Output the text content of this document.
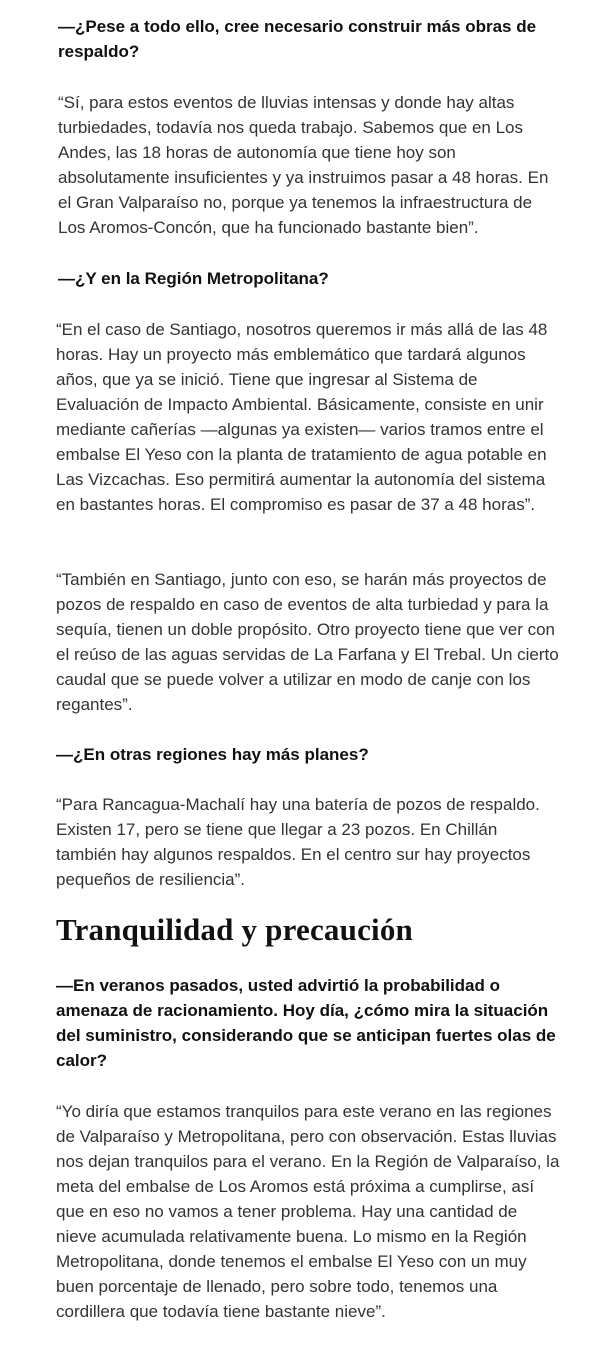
—¿Pese a todo ello, cree necesario construir más obras de respaldo?

“Sí, para estos eventos de lluvias intensas y donde hay altas turbiedades, todavía nos queda trabajo. Sabemos que en Los Andes, las 18 horas de autonomía que tiene hoy son absolutamente insuficientes y ya instruimos pasar a 48 horas. En el Gran Valparaíso no, porque ya tenemos la infraestructura de Los Aromos-Concón, que ha funcionado bastante bien”.

—¿Y en la Región Metropolitana?

“En el caso de Santiago, nosotros queremos ir más allá de las 48 horas. Hay un proyecto más emblemático que tardará algunos años, que ya se inició. Tiene que ingresar al Sistema de Evaluación de Impacto Ambiental. Básicamente, consiste en unir mediante cañerías —algunas ya existen— varios tramos entre el embalse El Yeso con la planta de tratamiento de agua potable en Las Vizcachas. Eso permitirá aumentar la autonomía del sistema en bastantes horas. El compromiso es pasar de 37 a 48 horas”.

“También en Santiago, junto con eso, se harán más proyectos de pozos de respaldo en caso de eventos de alta turbiedad y para la sequía, tienen un doble propósito. Otro proyecto tiene que ver con el reúso de las aguas servidas de La Farfana y El Trebal. Un cierto caudal que se puede volver a utilizar en modo de canje con los regantes”.

—¿En otras regiones hay más planes?

“Para Rancagua-Machalí hay una batería de pozos de respaldo. Existen 17, pero se tiene que llegar a 23 pozos. En Chillán también hay algunos respaldos. En el centro sur hay proyectos pequeños de resiliencia”.

Tranquilidad y precaución

—En veranos pasados, usted advirtió la probabilidad o amenaza de racionamiento. Hoy día, ¿cómo mira la situación del suministro, considerando que se anticipan fuertes olas de calor?

“Yo diría que estamos tranquilos para este verano en las regiones de Valparaíso y Metropolitana, pero con observación. Estas lluvias nos dejan tranquilos para el verano. En la Región de Valparaíso, la meta del embalse de Los Aromos está próxima a cumplirse, así que en eso no vamos a tener problema. Hay una cantidad de nieve acumulada relativamente buena. Lo mismo en la Región Metropolitana, donde tenemos el embalse El Yeso con un muy buen porcentaje de llenado, pero sobre todo, tenemos una cordillera que todavía tiene bastante nieve”.
